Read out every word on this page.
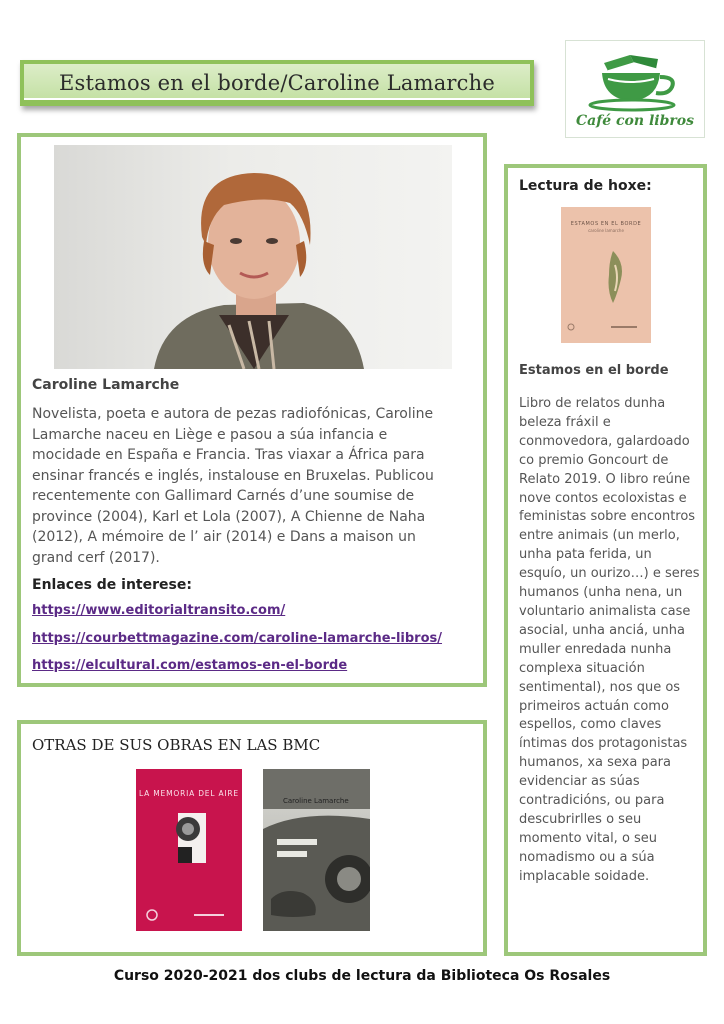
Estamos en el borde/Caroline Lamarche
Café con libros
Caroline Lamarche

Novelista, poeta e autora de pezas radiofónicas, Caroline Lamarche naceu en Liège e pasou a súa infancia e mocidade en España e Francia. Tras viaxar a África para ensinar francés e inglés, instalouse en Bruxelas. Publicou recentemente con Gallimard Carnés d’une soumise de province (2004), Karl et Lola (2007), A Chienne de Naha (2012), A mémoire de l’ air (2014) e Dans a maison un grand cerf (2017).

Enlaces de interese:
https://www.editorialtransito.com/
https://courbettmagazine.com/caroline-lamarche-libros/
https://elcultural.com/estamos-en-el-borde
OTRAS DE SUS OBRAS EN LAS BMC
LA MEMORIA DEL AIRE
Caroline Lamarche
Lectura de hoxe:
ESTAMOS EN EL BORDE
caroline lamarche
Estamos en el borde

Libro de relatos dunha beleza fráxil e conmovedora, galardoado co premio Goncourt de Relato 2019. O libro reúne nove contos ecoloxistas e feministas sobre encontros entre animais (un merlo, unha pata ferida, un esquío, un ourizo…) e seres humanos (unha nena, un voluntario animalista case asocial, unha anciá, unha muller enredada nunha complexa situación sentimental), nos que os primeiros actuán como espellos, como claves íntimas dos protagonistas humanos, xa sexa para evidenciar as súas contradicións, ou para descubrirlles o seu momento vital, o seu nomadismo ou a súa implacable soidade.

Curso 2020-2021 dos clubs de lectura da Biblioteca Os Rosales
